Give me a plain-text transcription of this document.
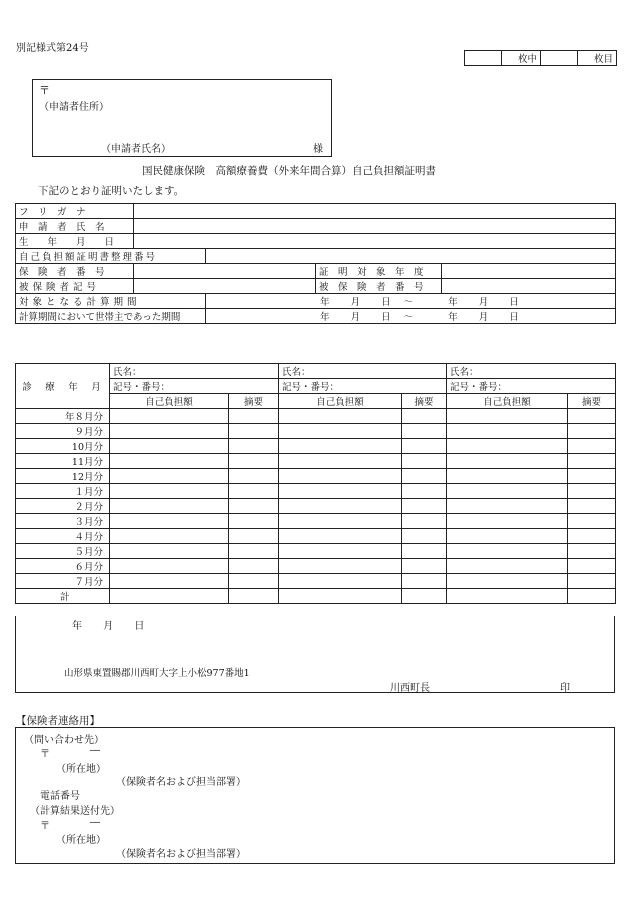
別記様式第24号
	枚中		枚目
〒
（申請者住所）
（申請者氏名）	様
国民健康保険　高額療養費（外来年間合算）自己負担額証明書
下記のとおり証明いたします。
フ　リ　ガ　ナ				
申　請　者　氏　名				
生　　年　　月　　日				
自己負担額証明書整理番号				
保　険　者　番　号			証　明　対　象　年　度	
被保険者記号			被　保　険　者　番　号	
対象となる計算期間		年 月 日 〜 年 月 日		
計算期間において世帯主であった期間		年 月 日 〜 年 月 日		
診　療　年　月	氏名：		氏名：		氏名：	
	記号・番号：		記号・番号：		記号・番号：	
	自己負担額	摘要	自己負担額	摘要	自己負担額	摘要
年８月分						
９月分						
10月分						
11月分						
12月分						
１月分						
２月分						
３月分						
４月分						
５月分						
６月分						
７月分						
計						
年 月 日
山形県東置賜郡川西町大字上小松977番地1
川西町長	印
【保険者連絡用】
（問い合わせ先）
〒	―
（所在地）
（保険者名および担当部署）
電話番号
（計算結果送付先）
〒	―
（所在地）
（保険者名および担当部署）
